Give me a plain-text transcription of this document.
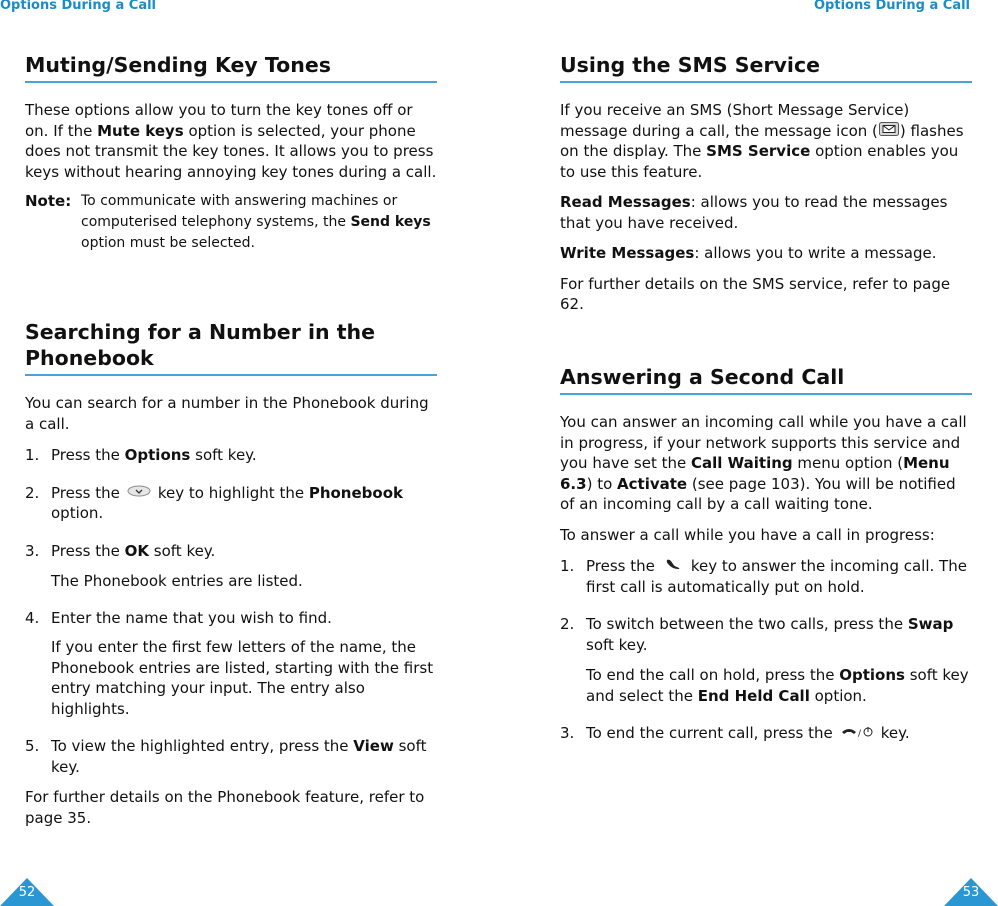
Options During a Call
Muting/Sending Key Tones

These options allow you to turn the key tones off or on. If the Mute keys option is selected, your phone does not transmit the key tones. It allows you to press keys without hearing annoying key tones during a call.

Note: To communicate with answering machines or computerised telephony systems, the Send keys option must be selected.
Searching for a Number in the Phonebook

You can search for a number in the Phonebook during a call.

1. Press the Options soft key.
2. Press the	key to highlight the Phonebook option.
3. Press the OK soft key.

The Phonebook entries are listed.

4. Enter the name that you wish to find.

If you enter the first few letters of the name, the Phonebook entries are listed, starting with the first entry matching your input. The entry also highlights.

5. To view the highlighted entry, press the View soft key.

For further details on the Phonebook feature, refer to page 35.

52
Options During a Call
Using the SMS Service

If you receive an SMS (Short Message Service) message during a call, the message icon ( ) flashes on the display. The SMS Service option enables you to use this feature.

Read Messages: allows you to read the messages that you have received.

Write Messages: allows you to write a message.

For further details on the SMS service, refer to page 62.

Answering a Second Call

You can answer an incoming call while you have a call in progress, if your network supports this service and you have set the Call Waiting menu option (Menu 6.3) to Activate (see page 103). You will be notified of an incoming call by a call waiting tone.

To answer a call while you have a call in progress:

1. Press the key to answer the incoming call. The first call is automatically put on hold.
2. To switch between the two calls, press the Swap soft key.

To end the call on hold, press the Options soft key and select the End Held Call option.

3. To end the current call, press the	/ key.
53
